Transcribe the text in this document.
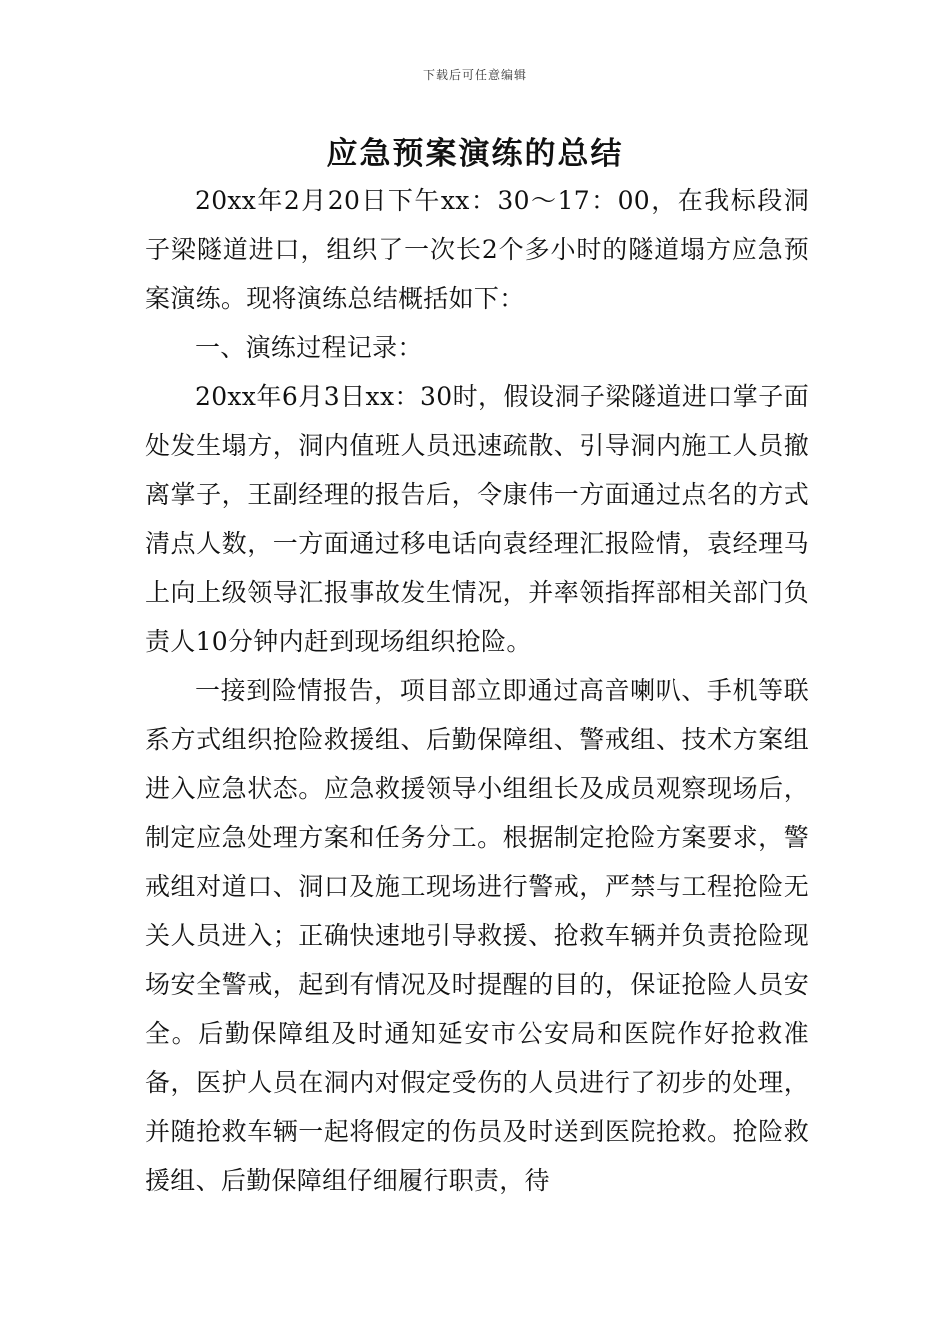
下载后可任意编辑
应急预案演练的总结

20xx年2月20日下午xx：30～17：00，在我标段洞子梁隧道进口，组织了一次长2个多小时的隧道塌方应急预案演练。现将演练总结概括如下：

一、演练过程记录：

20xx年6月3日xx：30时，假设洞子梁隧道进口掌子面处发生塌方，洞内值班人员迅速疏散、引导洞内施工人员撤离掌子，王副经理的报告后，令康伟一方面通过点名的方式清点人数，一方面通过移电话向袁经理汇报险情，袁经理马上向上级领导汇报事故发生情况，并率领指挥部相关部门负责人10分钟内赶到现场组织抢险。

一接到险情报告，项目部立即通过高音喇叭、手机等联系方式组织抢险救援组、后勤保障组、警戒组、技术方案组进入应急状态。应急救援领导小组组长及成员观察现场后，制定应急处理方案和任务分工。根据制定抢险方案要求，警戒组对道口、洞口及施工现场进行警戒，严禁与工程抢险无关人员进入；正确快速地引导救援、抢救车辆并负责抢险现场安全警戒，起到有情况及时提醒的目的，保证抢险人员安全。后勤保障组及时通知延安市公安局和医院作好抢救准备，医护人员在洞内对假定受伤的人员进行了初步的处理，并随抢救车辆一起将假定的伤员及时送到医院抢救。抢险救援组、后勤保障组仔细履行职责，待
